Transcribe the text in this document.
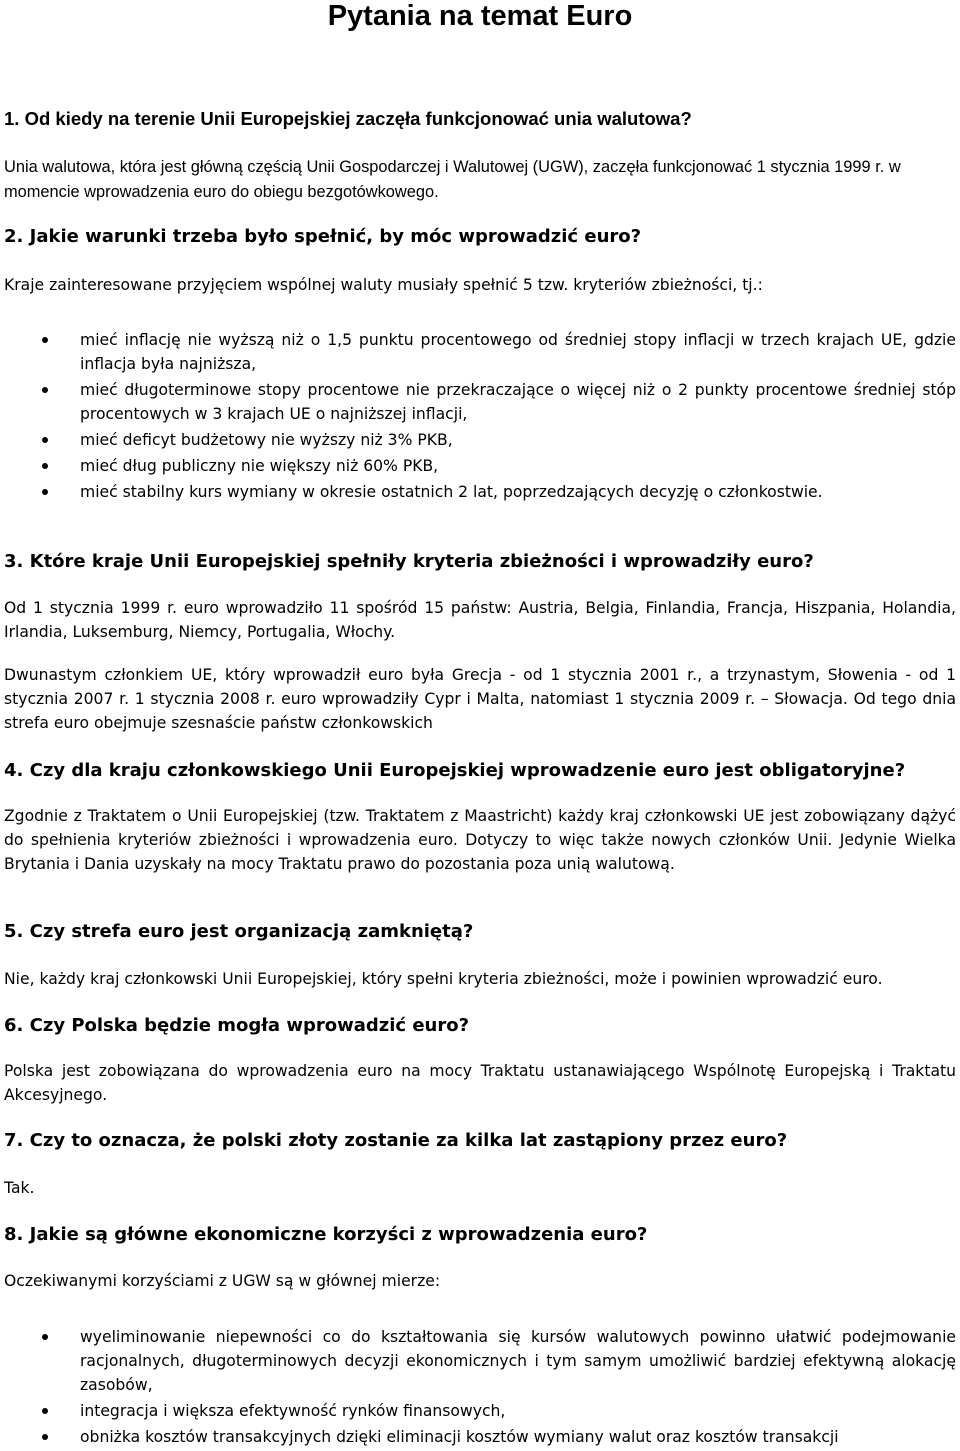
Pytania na temat Euro

1. Od kiedy na terenie Unii Europejskiej zaczęła funkcjonować unia walutowa?

Unia walutowa, która jest główną częścią Unii Gospodarczej i Walutowej (UGW), zaczęła funkcjonować 1 stycznia 1999 r. w momencie wprowadzenia euro do obiegu bezgotówkowego.

2. Jakie warunki trzeba było spełnić, by móc wprowadzić euro?

Kraje zainteresowane przyjęciem wspólnej waluty musiały spełnić 5 tzw. kryteriów zbieżności, tj.:

mieć inflację nie wyższą niż o 1,5 punktu procentowego od średniej stopy inflacji w trzech krajach UE, gdzie inflacja była najniższa,
mieć długoterminowe stopy procentowe nie przekraczające o więcej niż o 2 punkty procentowe średniej stóp procentowych w 3 krajach UE o najniższej inflacji,
mieć deficyt budżetowy nie wyższy niż 3% PKB,
mieć dług publiczny nie większy niż 60% PKB,
mieć stabilny kurs wymiany w okresie ostatnich 2 lat, poprzedzających decyzję o członkostwie.

3. Które kraje Unii Europejskiej spełniły kryteria zbieżności i wprowadziły euro?

Od 1 stycznia 1999 r. euro wprowadziło 11 spośród 15 państw: Austria, Belgia, Finlandia, Francja, Hiszpania, Holandia, Irlandia, Luksemburg, Niemcy, Portugalia, Włochy.

Dwunastym członkiem UE, który wprowadził euro była Grecja - od 1 stycznia 2001 r., a trzynastym, Słowenia - od 1 stycznia 2007 r. 1 stycznia 2008 r. euro wprowadziły Cypr i Malta, natomiast 1 stycznia 2009 r. – Słowacja. Od tego dnia strefa euro obejmuje szesnaście państw członkowskich

4. Czy dla kraju członkowskiego Unii Europejskiej wprowadzenie euro jest obligatoryjne?

Zgodnie z Traktatem o Unii Europejskiej (tzw. Traktatem z Maastricht) każdy kraj członkowski UE jest zobowiązany dążyć do spełnienia kryteriów zbieżności i wprowadzenia euro. Dotyczy to więc także nowych członków Unii. Jedynie Wielka Brytania i Dania uzyskały na mocy Traktatu prawo do pozostania poza unią walutową.

5. Czy strefa euro jest organizacją zamkniętą?

Nie, każdy kraj członkowski Unii Europejskiej, który spełni kryteria zbieżności, może i powinien wprowadzić euro.

6. Czy Polska będzie mogła wprowadzić euro?

Polska jest zobowiązana do wprowadzenia euro na mocy Traktatu ustanawiającego Wspólnotę Europejską i Traktatu Akcesyjnego.

7. Czy to oznacza, że polski złoty zostanie za kilka lat zastąpiony przez euro?

Tak.

8. Jakie są główne ekonomiczne korzyści z wprowadzenia euro?

Oczekiwanymi korzyściami z UGW są w głównej mierze:

wyeliminowanie niepewności co do kształtowania się kursów walutowych powinno ułatwić podejmowanie racjonalnych, długoterminowych decyzji ekonomicznych i tym samym umożliwić bardziej efektywną alokację zasobów,
integracja i większa efektywność rynków finansowych,
obniżka kosztów transakcyjnych dzięki eliminacji kosztów wymiany walut oraz kosztów transakcji
